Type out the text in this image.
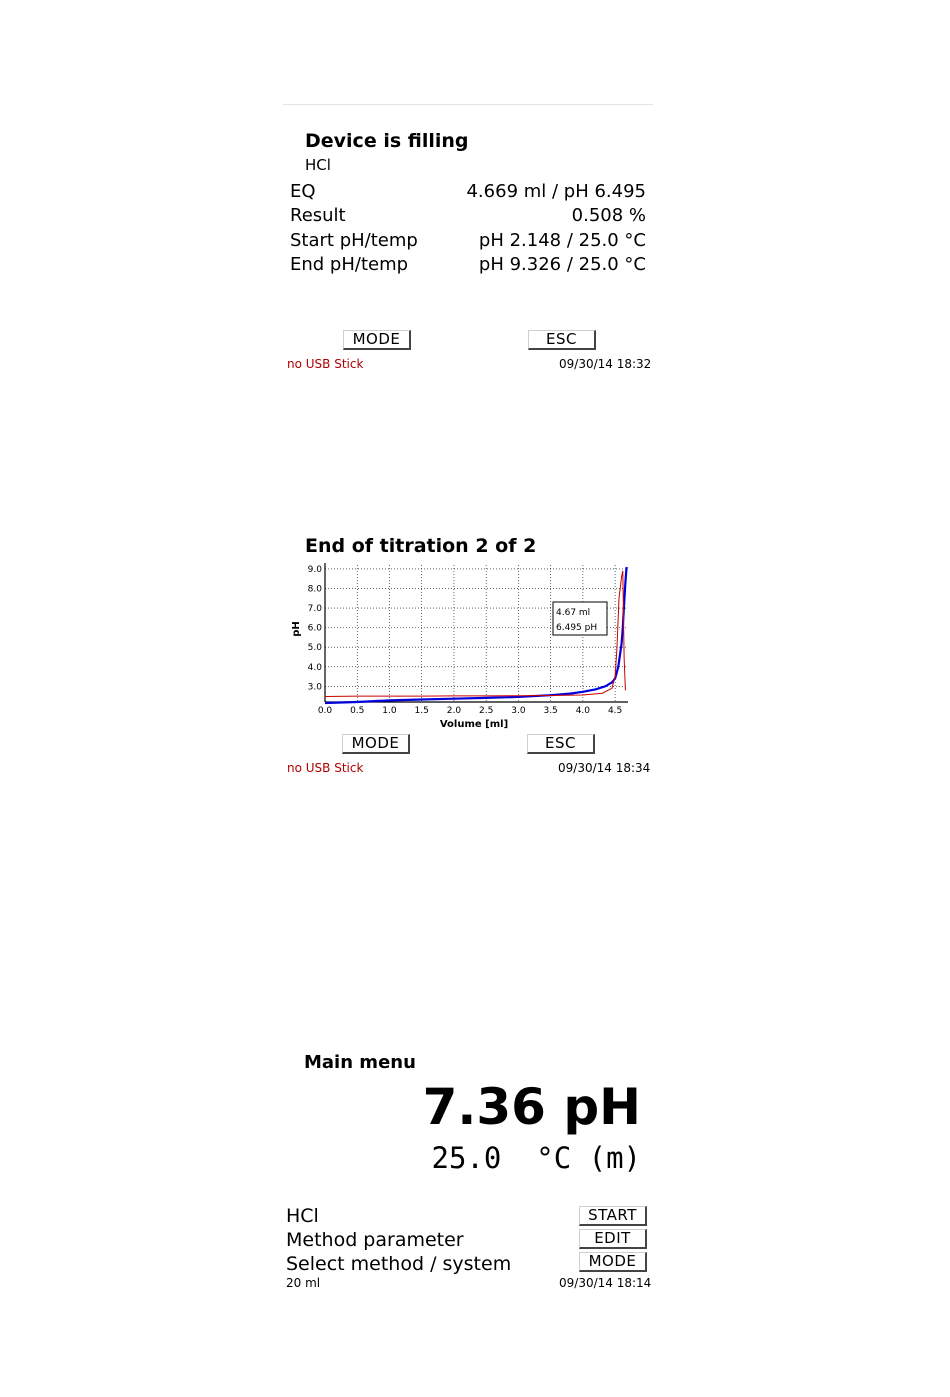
Device is filling
HCl
EQ	4.669 ml / pH 6.495
Result	0.508 %
Start pH/temp	pH 2.148 / 25.0 °C
End pH/temp	pH 9.326 / 25.0 °C
MODE	ESC
no USB Stick	09/30/14 18:32
End of titration 2 of 2
0.0 0.5 1.0 1.5 2.0 2.5 3.0 3.5 4.0 4.5
3.0
4.0
5.0
6.0
7.0
8.0
9.0
pH
Volume [ml]
4.67 ml
6.495 pH
MODE	ESC
no USB Stick	09/30/14 18:34
Main menu
7.36 pH
25.0  °C (m)
HCl
Method parameter
Select method / system
START
EDIT
MODE
20 ml	09/30/14 18:14
